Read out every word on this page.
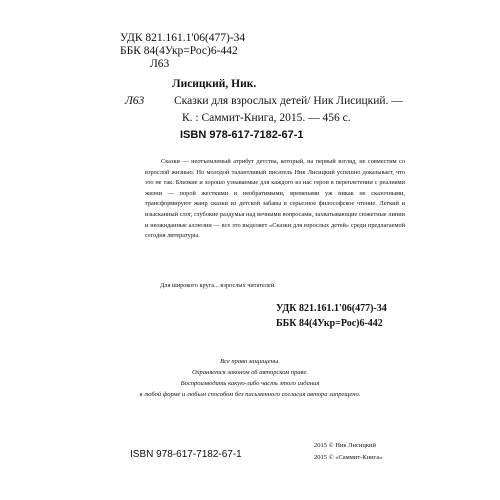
УДК 821.161.1'06(477)-34
ББК 84(4Укр=Рос)6-442
Л63
Лисицкий, Ник.
Л63	Сказки для взрослых детей/ Ник Лисицкий. —
К. : Саммит-Книга, 2015. — 456 с.
ISBN 978-617-7182-67-1

Сказки — неотъемлемый атрибут детства, который, на первый взгляд, не совместим со взрослой жизнью. Но молодой талантливый писатель Ник Лисицкий успешно доказывает, что это не так. Близкие и хорошо узнаваемые для каждого из нас герои в переплетении с реалиями жизни — порой жесткими и необратимыми, временами уж никак не сказочными, трансформируют жанр сказки из детской забавы в серьезное философское чтение. Легкий и изысканный слог, глубокие раздумья над вечными вопросами, захватывающие сюжетные линии и неожиданные аллюзии — все это выделяет «Сказки для взрослых детей» среди предлагаемой сегодня литературы.

Для широкого круга... взрослых читателей.
УДК 821.161.1'06(477)-34
ББК 84(4Укр=Рос)6-442
Все права защищены.
Охраняется законом об авторском праве.
Воспроизводить какую-либо часть этого издания
в любой форме и любым способом без письменного согласия автора запрещено.
ISBN 978-617-7182-67-1
2015 © Ник Лисицкий
2015 © «Саммит-Книга»
